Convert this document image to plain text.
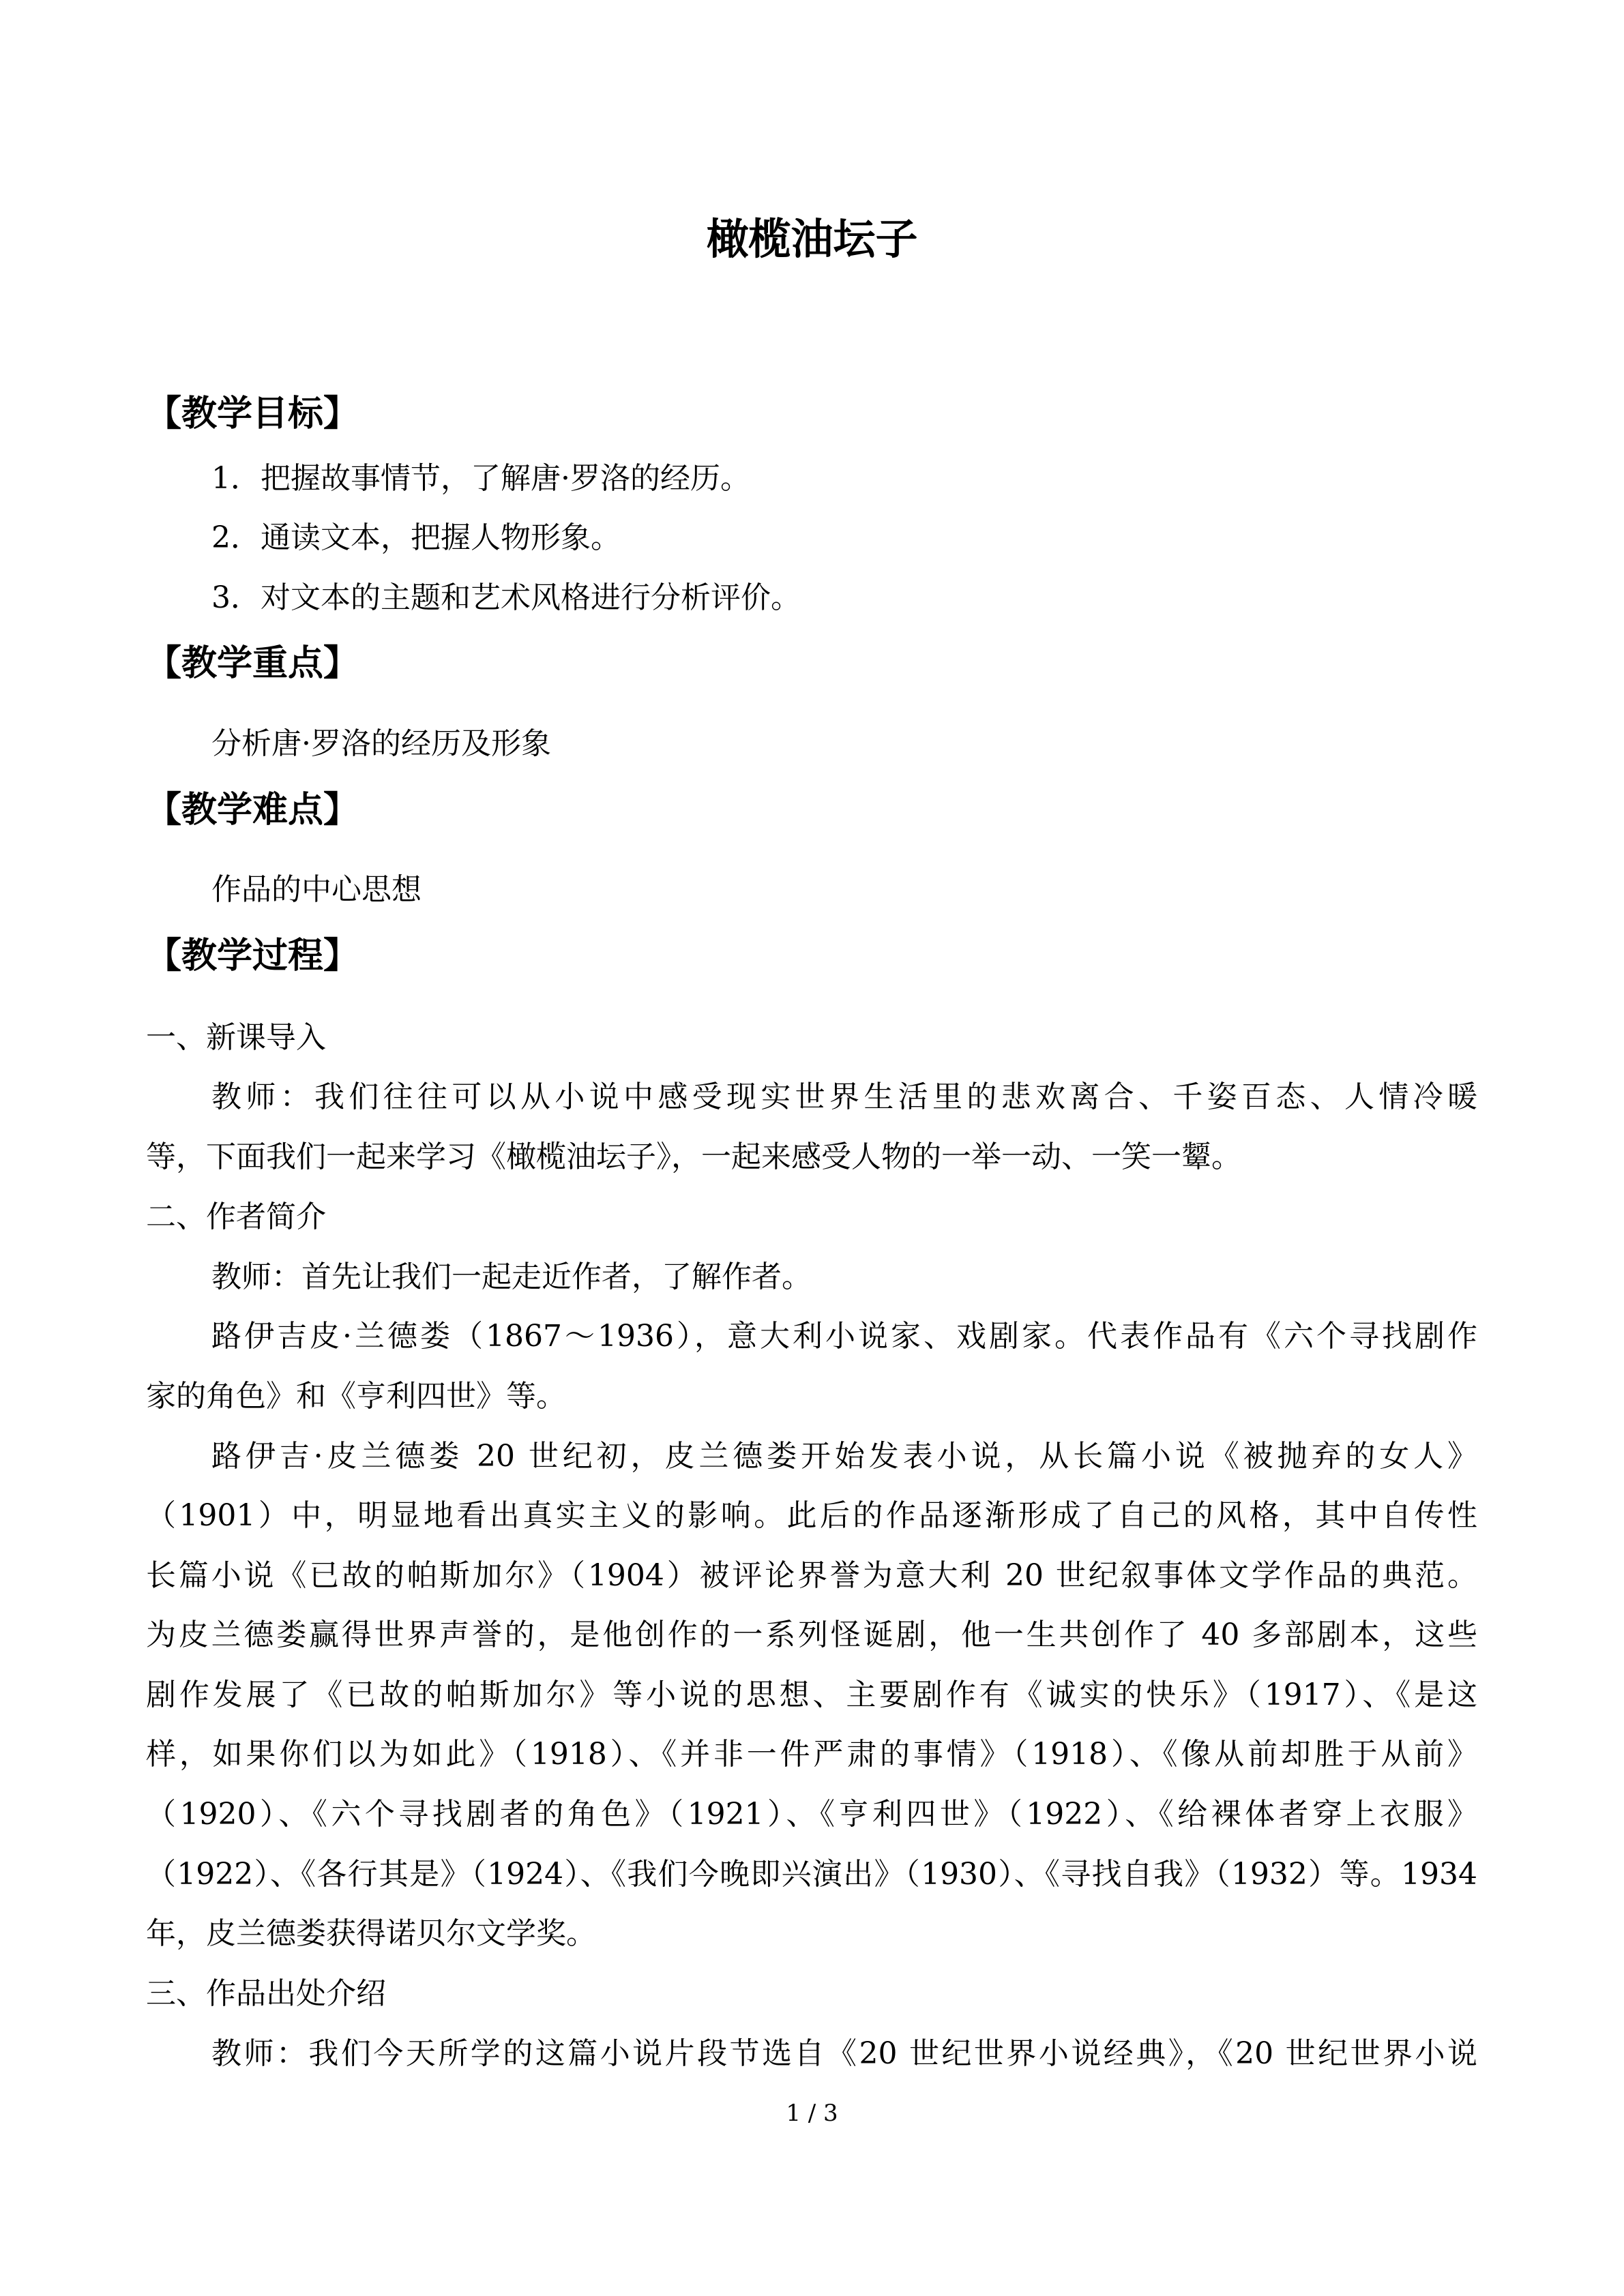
橄榄油坛子
【教学目标】
1．把握故事情节，了解唐·罗洛的经历。
2．通读文本，把握人物形象。
3．对文本的主题和艺术风格进行分析评价。
【教学重点】
分析唐·罗洛的经历及形象
【教学难点】
作品的中心思想
【教学过程】
一、新课导入
教师：我们往往可以从小说中感受现实世界生活里的悲欢离合、千姿百态、人情冷暖
等，下面我们一起来学习《橄榄油坛子》，一起来感受人物的一举一动、一笑一颦。
二、作者简介
教师：首先让我们一起走近作者，了解作者。
路伊吉皮·兰德娄（1867～1936），意大利小说家、戏剧家。代表作品有《六个寻找剧作
家的角色》和《亨利四世》等。
路伊吉·皮兰德娄 20 世纪初，皮兰德娄开始发表小说，从长篇小说《被抛弃的女人》
（1901）中，明显地看出真实主义的影响。此后的作品逐渐形成了自己的风格，其中自传性
长篇小说《已故的帕斯加尔》（1904）被评论界誉为意大利 20 世纪叙事体文学作品的典范。
为皮兰德娄赢得世界声誉的，是他创作的一系列怪诞剧，他一生共创作了 40 多部剧本，这些
剧作发展了《已故的帕斯加尔》等小说的思想、主要剧作有《诚实的快乐》（1917）、《是这
样，如果你们以为如此》（1918）、《并非一件严肃的事情》（1918）、《像从前却胜于从前》
（1920）、《六个寻找剧者的角色》（1921）、《亨利四世》（1922）、《给裸体者穿上衣服》
（1922）、《各行其是》（1924）、《我们今晚即兴演出》（1930）、《寻找自我》（1932）等。1934
年，皮兰德娄获得诺贝尔文学奖。
三、作品出处介绍
教师：我们今天所学的这篇小说片段节选自《20 世纪世界小说经典》，《20 世纪世界小说
1 / 3
